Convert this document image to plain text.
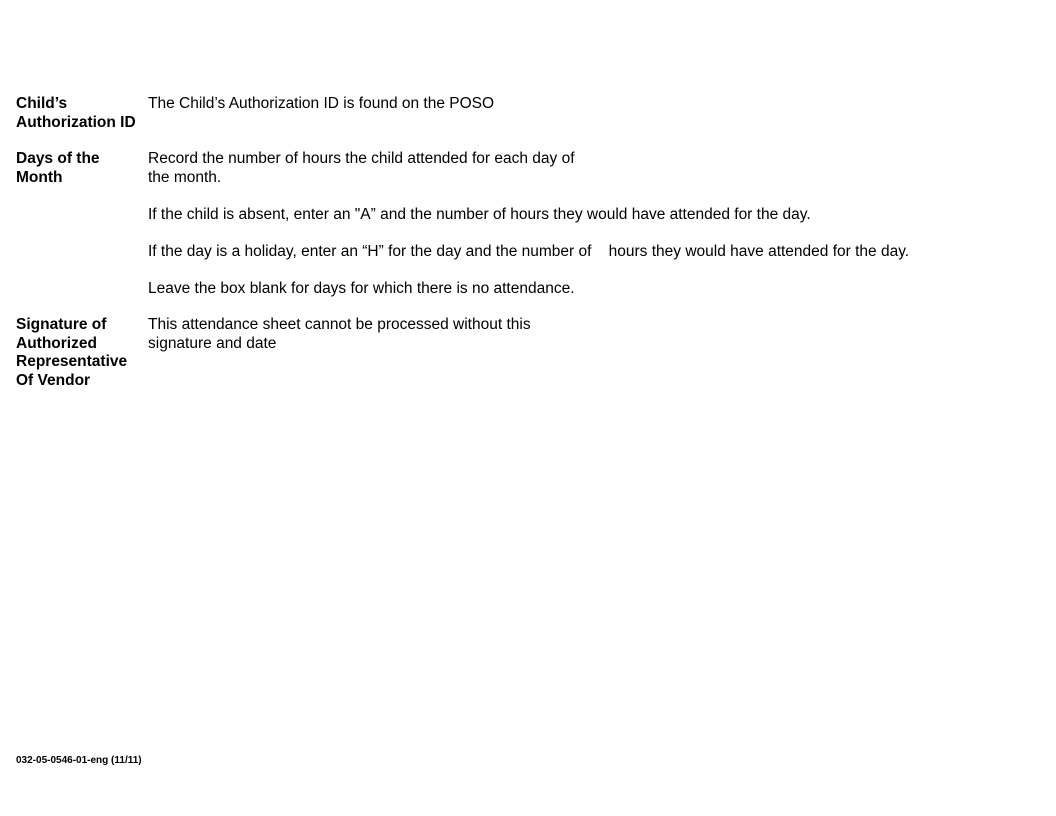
Child’s
Authorization ID
The Child’s Authorization ID is found on the POSO
Days of the
Month
Record the number of hours the child attended for each day of
the month.
If the child is absent, enter an "A” and the number of hours they would have attended for the day.
If the day is a holiday, enter an “H” for the day and the number of    hours they would have attended for the day.
Leave the box blank for days for which there is no attendance.
Signature of
Authorized
Representative
Of Vendor
This attendance sheet cannot be processed without this
signature and date
032-05-0546-01-eng (11/11)
